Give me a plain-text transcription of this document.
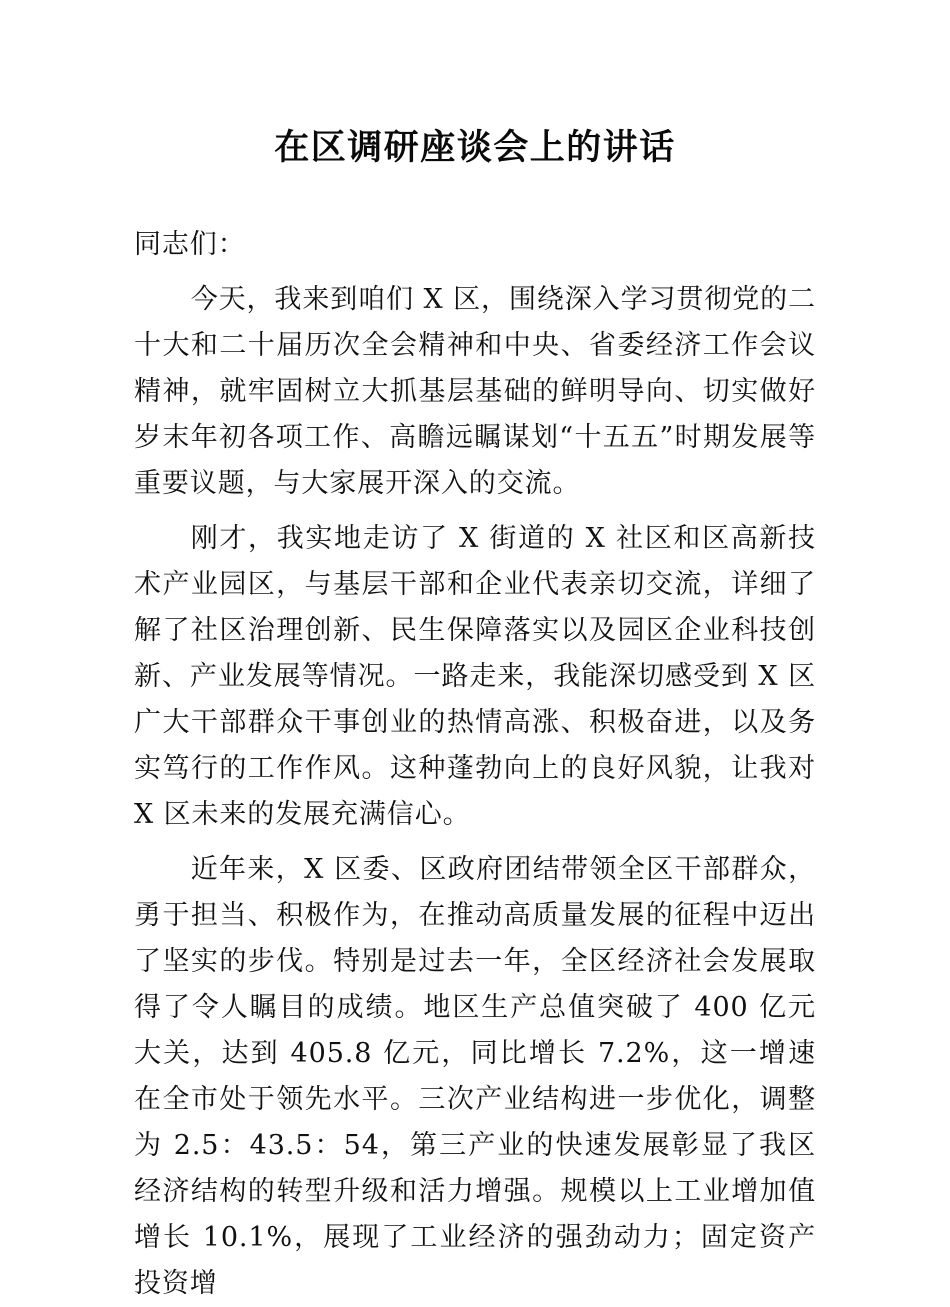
在区调研座谈会上的讲话

同志们：

今天，我来到咱们 X 区，围绕深入学习贯彻党的二十大和二十届历次全会精神和中央、省委经济工作会议精神，就牢固树立大抓基层基础的鲜明导向、切实做好岁末年初各项工作、高瞻远瞩谋划“十五五”时期发展等重要议题，与大家展开深入的交流。

刚才，我实地走访了 X 街道的 X 社区和区高新技术产业园区，与基层干部和企业代表亲切交流，详细了解了社区治理创新、民生保障落实以及园区企业科技创新、产业发展等情况。一路走来，我能深切感受到 X 区广大干部群众干事创业的热情高涨、积极奋进，以及务实笃行的工作作风。这种蓬勃向上的良好风貌，让我对 X 区未来的发展充满信心。

近年来，X 区委、区政府团结带领全区干部群众，勇于担当、积极作为，在推动高质量发展的征程中迈出了坚实的步伐。特别是过去一年，全区经济社会发展取得了令人瞩目的成绩。地区生产总值突破了 400 亿元大关，达到 405.8 亿元，同比增长 7.2%，这一增速在全市处于领先水平。三次产业结构进一步优化，调整为 2.5：43.5：54，第三产业的快速发展彰显了我区经济结构的转型升级和活力增强。规模以上工业增加值增长 10.1%，展现了工业经济的强劲动力；固定资产投资增
